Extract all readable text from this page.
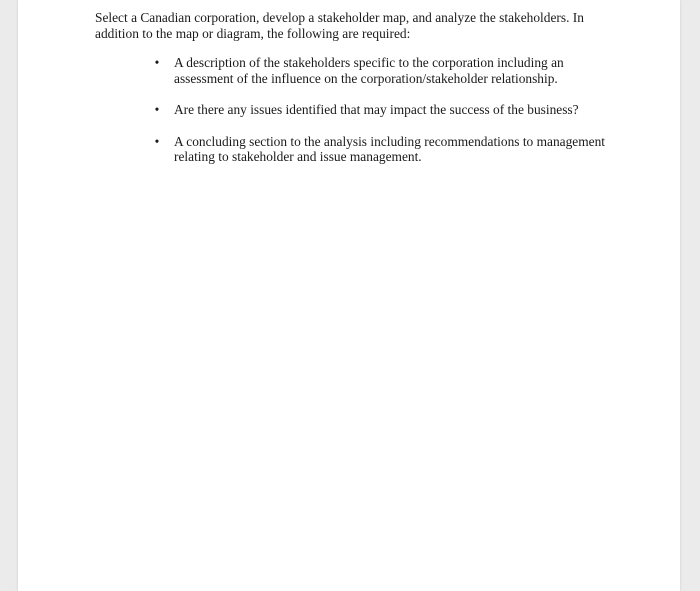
Select a Canadian corporation, develop a stakeholder map, and analyze the stakeholders. In addition to the map or diagram, the following are required:

• A description of the stakeholders specific to the corporation including an assessment of the influence on the corporation/stakeholder relationship.
• Are there any issues identified that may impact the success of the business?
• A concluding section to the analysis including recommendations to management relating to stakeholder and issue management.
